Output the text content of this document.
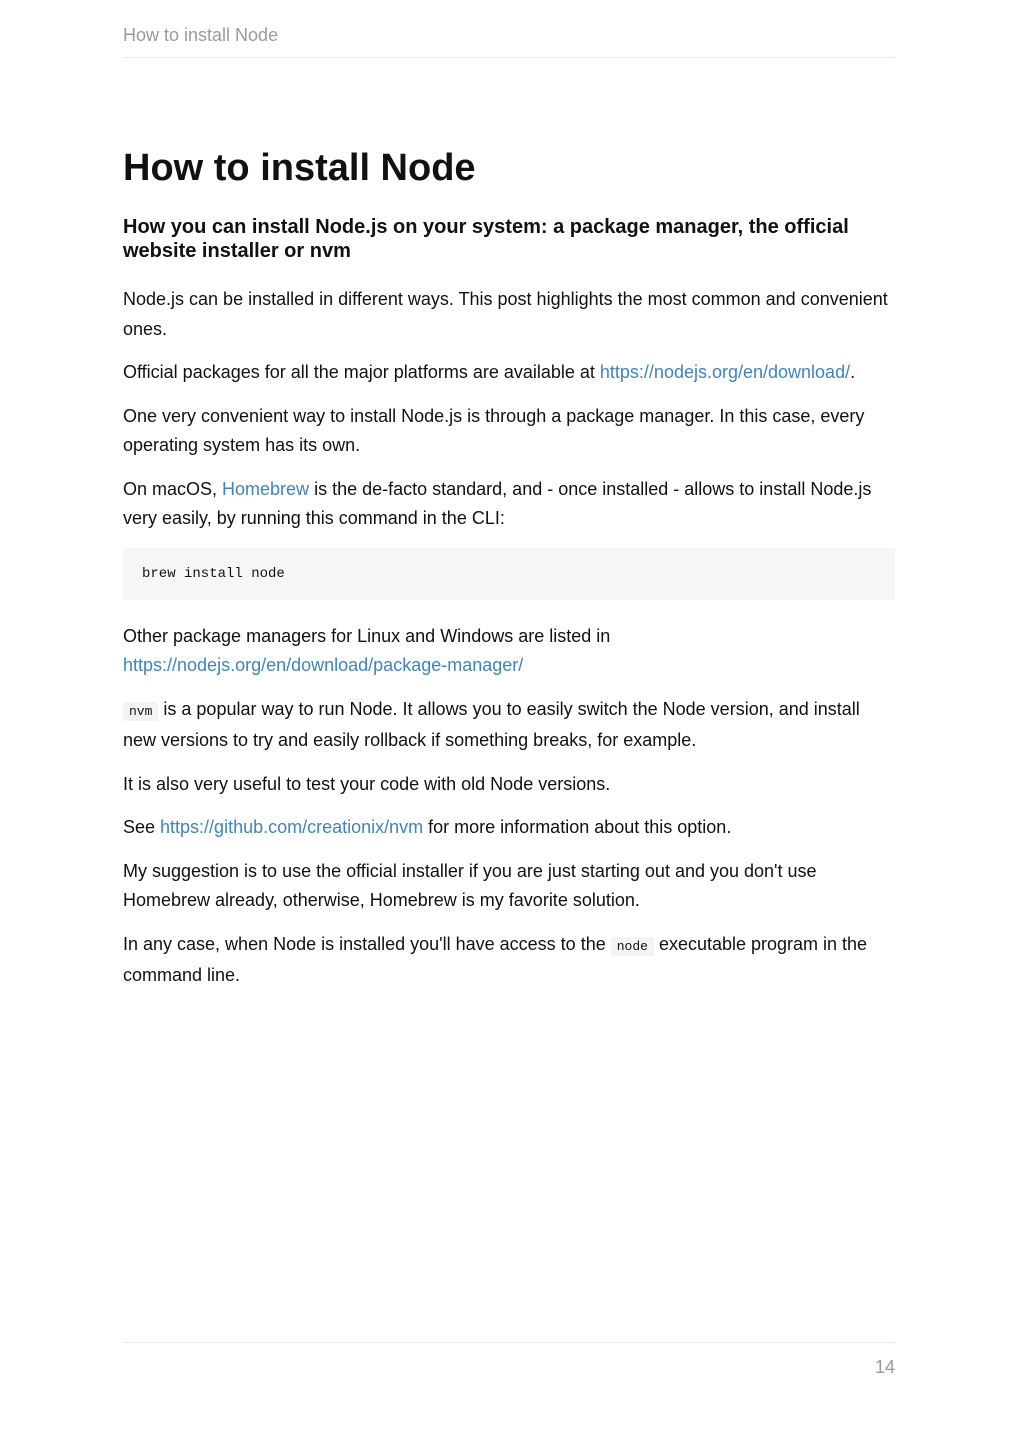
How to install Node
How to install Node
How you can install Node.js on your system: a package manager, the official website installer or nvm

Node.js can be installed in different ways. This post highlights the most common and convenient ones.

Official packages for all the major platforms are available at https://nodejs.org/en/download/.

One very convenient way to install Node.js is through a package manager. In this case, every operating system has its own.

On macOS, Homebrew is the de-facto standard, and - once installed - allows to install Node.js very easily, by running this command in the CLI:

brew install node

Other package managers for Linux and Windows are listed in
https://nodejs.org/en/download/package-manager/

nvm is a popular way to run Node. It allows you to easily switch the Node version, and install new versions to try and easily rollback if something breaks, for example.

It is also very useful to test your code with old Node versions.

See https://github.com/creationix/nvm for more information about this option.

My suggestion is to use the official installer if you are just starting out and you don't use Homebrew already, otherwise, Homebrew is my favorite solution.

In any case, when Node is installed you'll have access to the node executable program in the command line.

14
